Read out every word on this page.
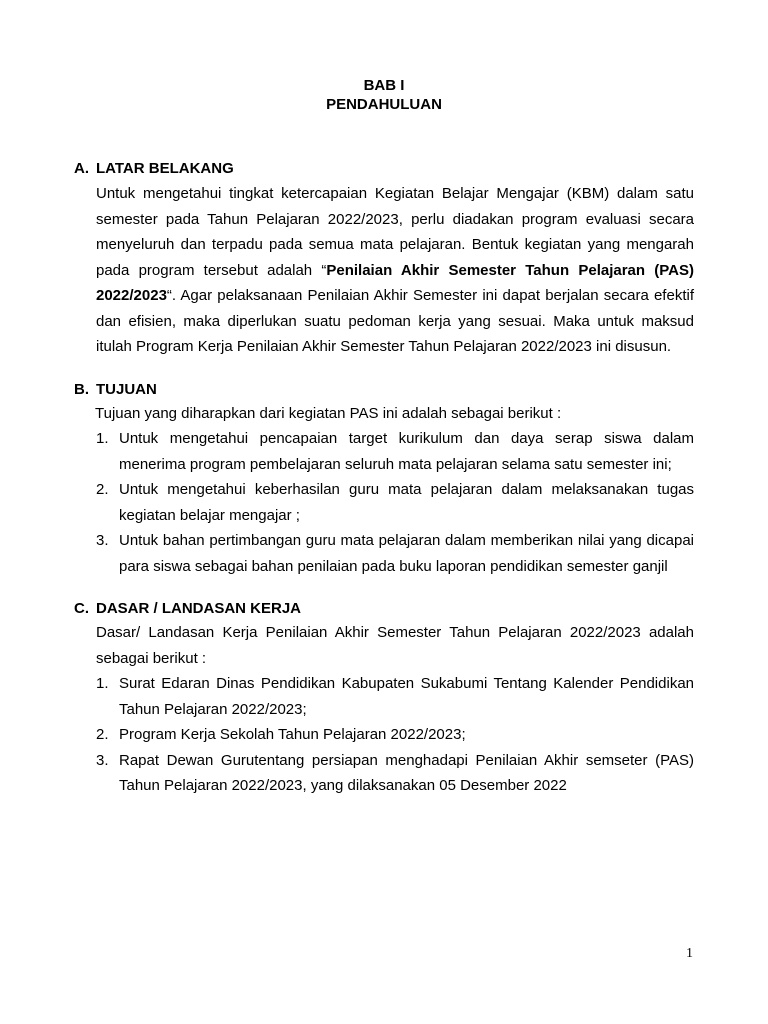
BAB I
PENDAHULUAN
A. LATAR BELAKANG

Untuk mengetahui tingkat ketercapaian Kegiatan Belajar Mengajar (KBM) dalam satu semester pada Tahun Pelajaran 2022/2023, perlu diadakan program evaluasi secara menyeluruh dan terpadu pada semua mata pelajaran. Bentuk kegiatan yang mengarah pada program tersebut adalah “Penilaian Akhir Semester Tahun Pelajaran (PAS) 2022/2023“. Agar pelaksanaan Penilaian Akhir Semester ini dapat berjalan secara efektif dan efisien, maka diperlukan suatu pedoman kerja yang sesuai. Maka untuk maksud itulah Program Kerja Penilaian Akhir Semester Tahun Pelajaran 2022/2023 ini disusun.

B. TUJUAN

Tujuan yang diharapkan dari kegiatan PAS ini adalah sebagai berikut :

1. Untuk mengetahui pencapaian target kurikulum dan daya serap siswa dalam menerima program pembelajaran seluruh mata pelajaran selama satu semester ini;
2. Untuk mengetahui keberhasilan guru mata pelajaran dalam melaksanakan tugas kegiatan belajar mengajar ;
3. Untuk bahan pertimbangan guru mata pelajaran dalam memberikan nilai yang dicapai para siswa sebagai bahan penilaian pada buku laporan pendidikan semester ganjil
C. DASAR / LANDASAN KERJA

Dasar/ Landasan Kerja Penilaian Akhir Semester Tahun Pelajaran 2022/2023 adalah sebagai berikut :

1. Surat Edaran Dinas Pendidikan Kabupaten Sukabumi Tentang Kalender Pendidikan Tahun Pelajaran 2022/2023;
2. Program Kerja Sekolah Tahun Pelajaran 2022/2023;
3. Rapat Dewan Gurutentang persiapan menghadapi Penilaian Akhir semseter (PAS) Tahun Pelajaran 2022/2023, yang dilaksanakan 05 Desember 2022
1
